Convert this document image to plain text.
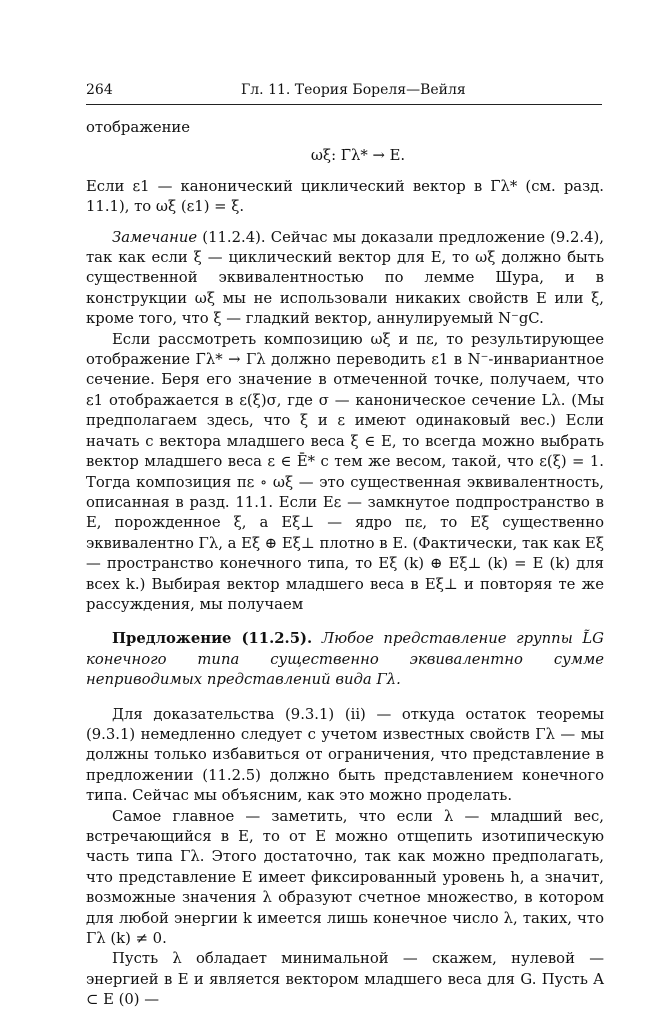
264	Гл. 11. Теория Бореля—Вейля

отображение

ωξ: Γ̄λ* → E.

Если ε1 — канонический циклический вектор в Γ̄λ* (см. разд. 11.1), то ωξ (ε1) = ξ.

Замечание (11.2.4). Сейчас мы доказали предложение (9.2.4), так как если ξ — циклический вектор для E, то ωξ должно быть существенной эквивалентностью по лемме Шура, и в конструкции ωξ мы не использовали никаких свойств E или ξ, кроме того, что ξ — гладкий вектор, аннулируемый N⁻gC.

Если рассмотреть композицию ωξ и πε, то результирующее отображение Γ̄λ* → Γλ должно переводить ε1 в N⁻-инвариантное сечение. Беря его значение в отмеченной точке, получаем, что ε1 отображается в ε(ξ)σ, где σ — каноническое сечение Lλ. (Мы предполагаем здесь, что ξ и ε имеют одинаковый вес.) Если начать с вектора младшего веса ξ ∈ E, то всегда можно выбрать вектор младшего веса ε ∈ Ē* с тем же весом, такой, что ε(ξ) = 1. Тогда композиция πε ∘ ωξ — это существенная эквивалентность, описанная в разд. 11.1. Если Eε — замкнутое подпространство в E, порожденное ξ, а Eξ⊥ — ядро πε, то Eξ существенно эквивалентно Γλ, а Eξ ⊕ Eξ⊥ плотно в E. (Фактически, так как Eξ — пространство конечного типа, то Eξ (k) ⊕ Eξ⊥ (k) = E (k) для всех k.) Выбирая вектор младшего веса в Eξ⊥ и повторяя те же рассуждения, мы получаем

Предложение (11.2.5). Любое представление группы L̃G конечного типа существенно эквивалентно сумме неприводимых представлений вида Γλ.

Для доказательства (9.3.1) (ii) — откуда остаток теоремы (9.3.1) немедленно следует с учетом известных свойств Γλ — мы должны только избавиться от ограничения, что представление в предложении (11.2.5) должно быть представлением конечного типа. Сейчас мы объясним, как это можно проделать.

Самое главное — заметить, что если λ — младший вес, встречающийся в E, то от E можно отщепить изотипическую часть типа Γλ. Этого достаточно, так как можно предполагать, что представление E имеет фиксированный уровень h, а значит, возможные значения λ образуют счетное множество, в котором для любой энергии k имеется лишь конечное число λ, таких, что Γλ (k) ≠ 0.

Пусть λ обладает минимальной — скажем, нулевой — энергией в E и является вектором младшего веса для G. Пусть A ⊂ E (0) —
